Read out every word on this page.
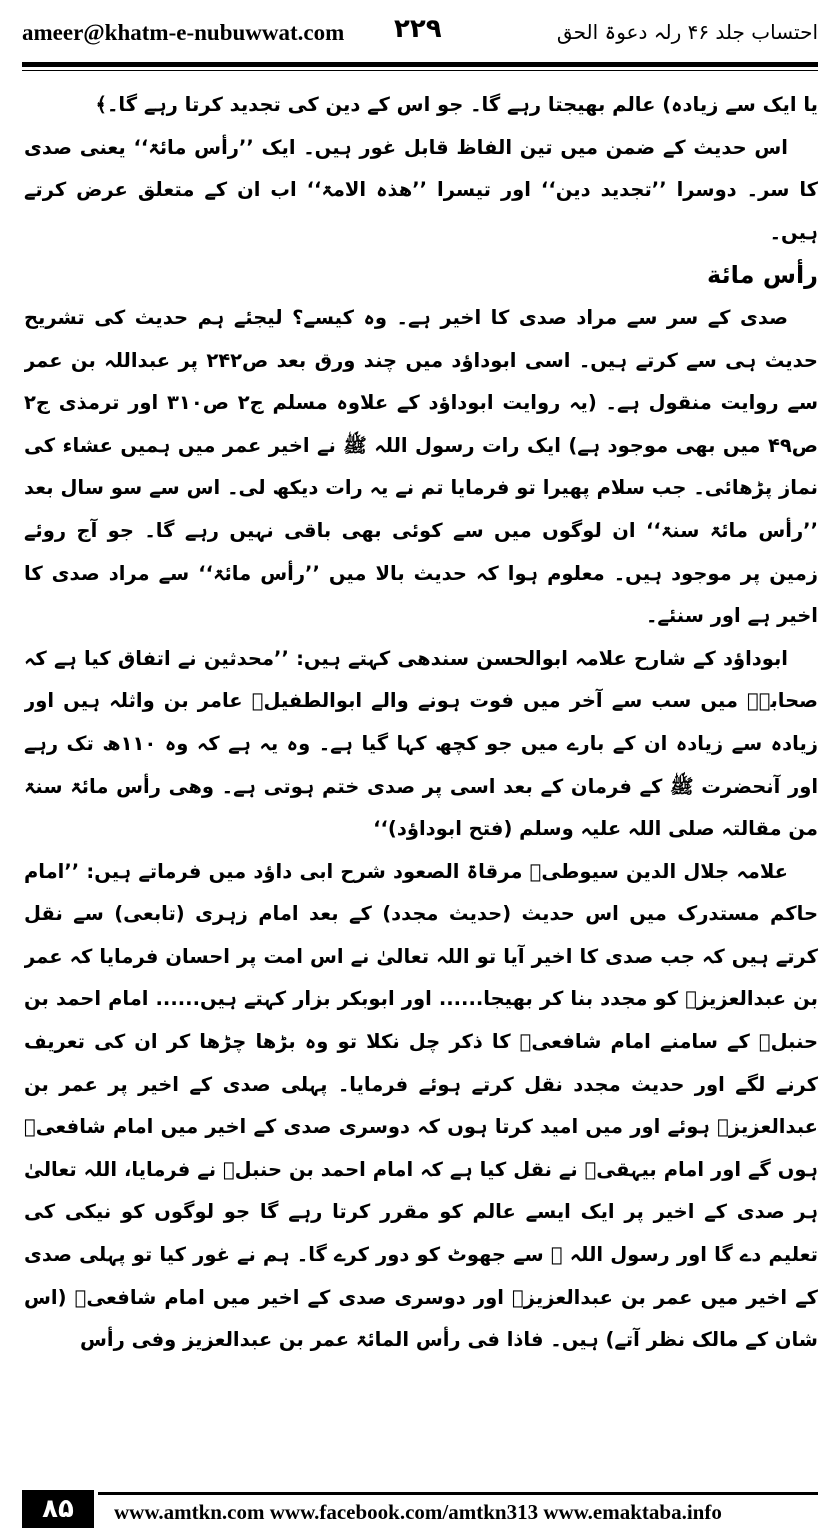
ameer@khatm-e-nubuwwat.com ۲۲۹	احتساب جلد ۴۶ رلہ دعوۃ الحق

یا ایک سے زیادہ) عالم بھیجتا رہے گا۔ جو اس کے دین کی تجدید کرتا رہے گا۔﴾

اس حدیث کے ضمن میں تین الفاظ قابل غور ہیں۔ ایک ’’رأس مائۃ‘‘ یعنی صدی کا سر۔ دوسرا ’’تجدید دین‘‘ اور تیسرا ’’ھذہ الامۃ‘‘ اب ان کے متعلق عرض کرتے ہیں۔

رأس مائة

صدی کے سر سے مراد صدی کا اخیر ہے۔ وہ کیسے؟ لیجئے ہم حدیث کی تشریح حدیث ہی سے کرتے ہیں۔ اسی ابوداؤد میں چند ورق بعد ص۲۴۲ پر عبداللہ بن عمر سے روایت منقول ہے۔ (یہ روایت ابوداؤد کے علاوہ مسلم ج۲ ص۳۱۰ اور ترمذی ج۲ ص۴۹ میں بھی موجود ہے) ایک رات رسول اللہ ﷺ نے اخیر عمر میں ہمیں عشاء کی نماز پڑھائی۔ جب سلام پھیرا تو فرمایا تم نے یہ رات دیکھ لی۔ اس سے سو سال بعد ’’رأس مائۃ سنۃ‘‘ ان لوگوں میں سے کوئی بھی باقی نہیں رہے گا۔ جو آج روئے زمین پر موجود ہیں۔ معلوم ہوا کہ حدیث بالا میں ’’رأس مائۃ‘‘ سے مراد صدی کا اخیر ہے اور سنئے۔

ابوداؤد کے شارح علامہ ابوالحسن سندھی کہتے ہیں: ’’محدثین نے اتفاق کیا ہے کہ صحابہؓ میں سب سے آخر میں فوت ہونے والے ابوالطفیلؓ عامر بن واثلہ ہیں اور زیادہ سے زیادہ ان کے بارے میں جو کچھ کہا گیا ہے۔ وہ یہ ہے کہ وہ ۱۱۰ھ تک رہے اور آنحضرت ﷺ کے فرمان کے بعد اسی پر صدی ختم ہوتی ہے۔ وھی رأس مائۃ سنۃ من مقالتہ صلی اللہ علیہ وسلم (فتح ابوداؤد)‘‘

علامہ جلال الدین سیوطیؒ مرقاۃ الصعود شرح ابی داؤد میں فرماتے ہیں: ’’امام حاکم مستدرک میں اس حدیث (حدیث مجدد) کے بعد امام زہری (تابعی) سے نقل کرتے ہیں کہ جب صدی کا اخیر آیا تو اللہ تعالیٰ نے اس امت پر احسان فرمایا کہ عمر بن عبدالعزیزؒ کو مجدد بنا کر بھیجا...... اور ابوبکر بزار کہتے ہیں...... امام احمد بن حنبلؒ کے سامنے امام شافعیؒ کا ذکر چل نکلا تو وہ بڑھا چڑھا کر ان کی تعریف کرنے لگے اور حدیث مجدد نقل کرتے ہوئے فرمایا۔ پہلی صدی کے اخیر پر عمر بن عبدالعزیزؒ ہوئے اور میں امید کرتا ہوں کہ دوسری صدی کے اخیر میں امام شافعیؒ ہوں گے اور امام بیہقیؒ نے نقل کیا ہے کہ امام احمد بن حنبلؒ نے فرمایا، اللہ تعالیٰ ہر صدی کے اخیر پر ایک ایسے عالم کو مقرر کرتا رہے گا جو لوگوں کو نیکی کی تعلیم دے گا اور رسول اللہ ﷺ سے جھوٹ کو دور کرے گا۔ ہم نے غور کیا تو پہلی صدی کے اخیر میں عمر بن عبدالعزیزؒ اور دوسری صدی کے اخیر میں امام شافعیؒ (اس شان کے مالک نظر آتے) ہیں۔ فاذا فی رأس المائۃ عمر بن عبدالعزیز وفی رأس

۸۵	www.amtkn.com www.facebook.com/amtkn313 www.emaktaba.info
